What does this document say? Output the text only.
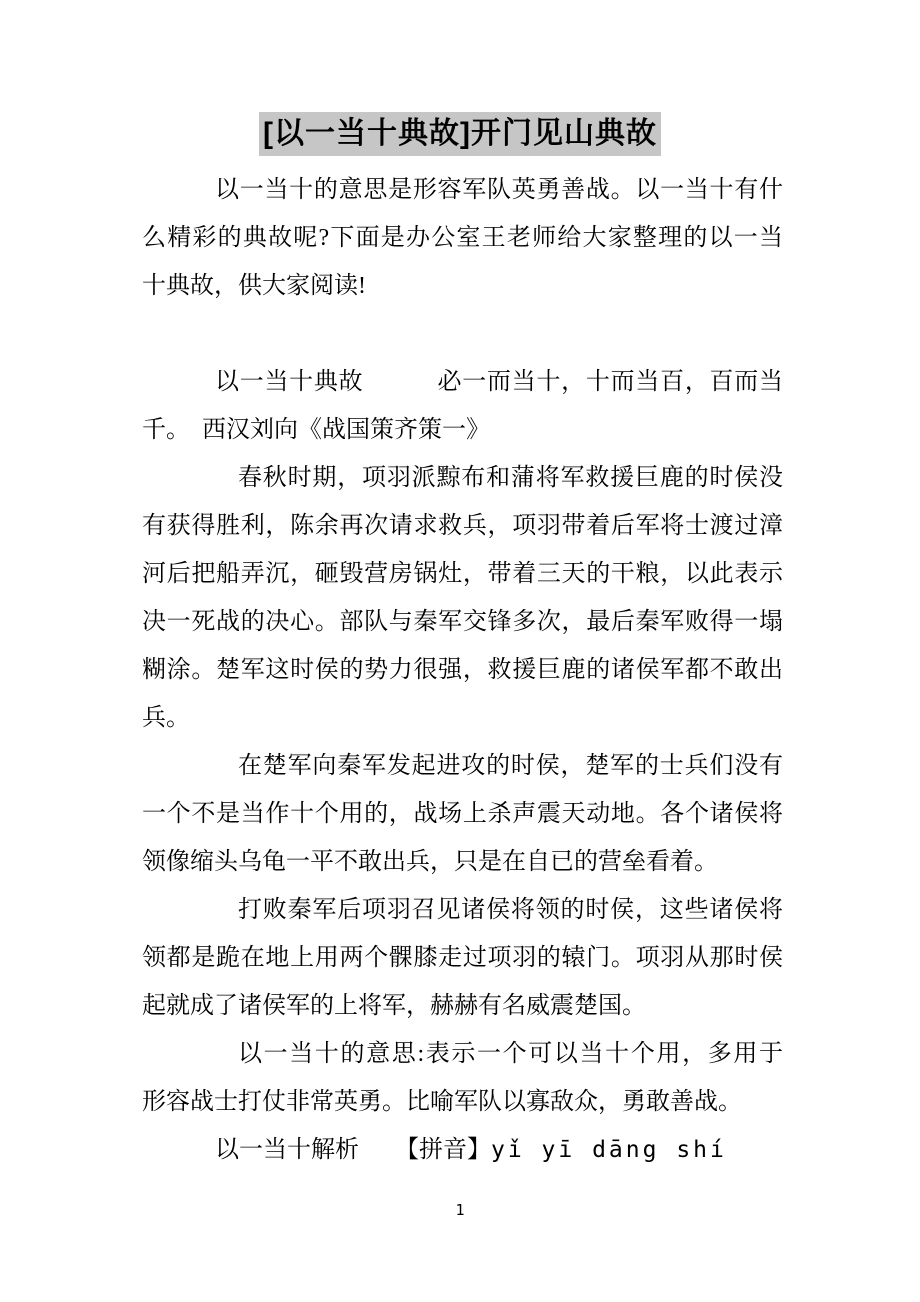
[以一当十典故]开门见山典故
以一当十的意思是形容军队英勇善战。以一当十有什
么精彩的典故呢?下面是办公室王老师给大家整理的以一当
十典故，供大家阅读!
以一当十典故　　　必一而当十，十而当百，百而当
千。　西汉刘向《战国策齐策一》
春秋时期，项羽派黥布和蒲将军救援巨鹿的时侯没
有获得胜利，陈余再次请求救兵，项羽带着后军将士渡过漳
河后把船弄沉，砸毁营房锅灶，带着三天的干粮，以此表示
决一死战的决心。部队与秦军交锋多次，最后秦军败得一塌
糊涂。楚军这时侯的势力很强，救援巨鹿的诸侯军都不敢出
兵。
在楚军向秦军发起进攻的时侯，楚军的士兵们没有
一个不是当作十个用的，战场上杀声震天动地。各个诸侯将
领像缩头乌龟一平不敢出兵，只是在自已的营垒看着。
打败秦军后项羽召见诸侯将领的时侯，这些诸侯将
领都是跪在地上用两个髁膝走过项羽的辕门。项羽从那时侯
起就成了诸侯军的上将军，赫赫有名威震楚国。
以一当十的意思:表示一个可以当十个用，多用于
形容战士打仗非常英勇。比喻军队以寡敌众，勇敢善战。
以一当十解析　　【拼音】yǐ yī dāng shí
1
